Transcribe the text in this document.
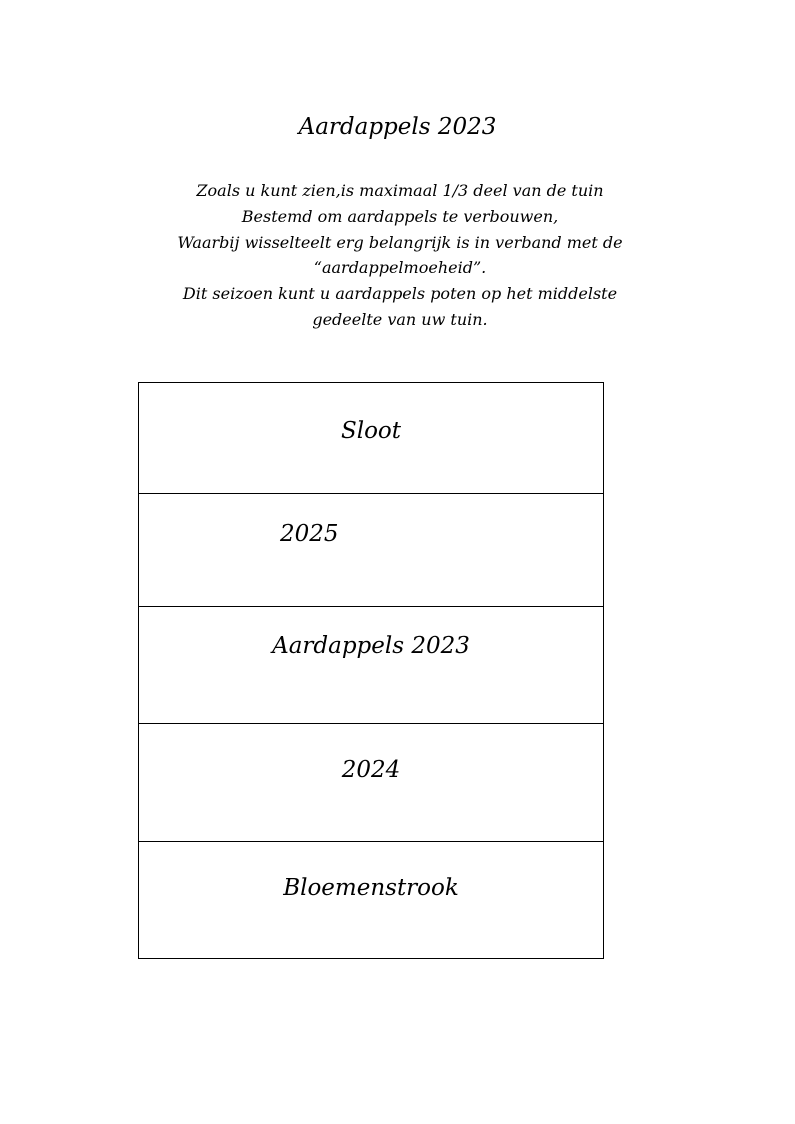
Aardappels 2023
Zoals u kunt zien,is maximaal 1/3 deel van de tuin
Bestemd om aardappels te verbouwen,
Waarbij wisselteelt erg belangrijk is in verband met de
“aardappelmoeheid”.
Dit seizoen kunt u aardappels poten op het middelste
gedeelte van uw tuin.
Sloot
2025
Aardappels 2023
2024
Bloemenstrook
